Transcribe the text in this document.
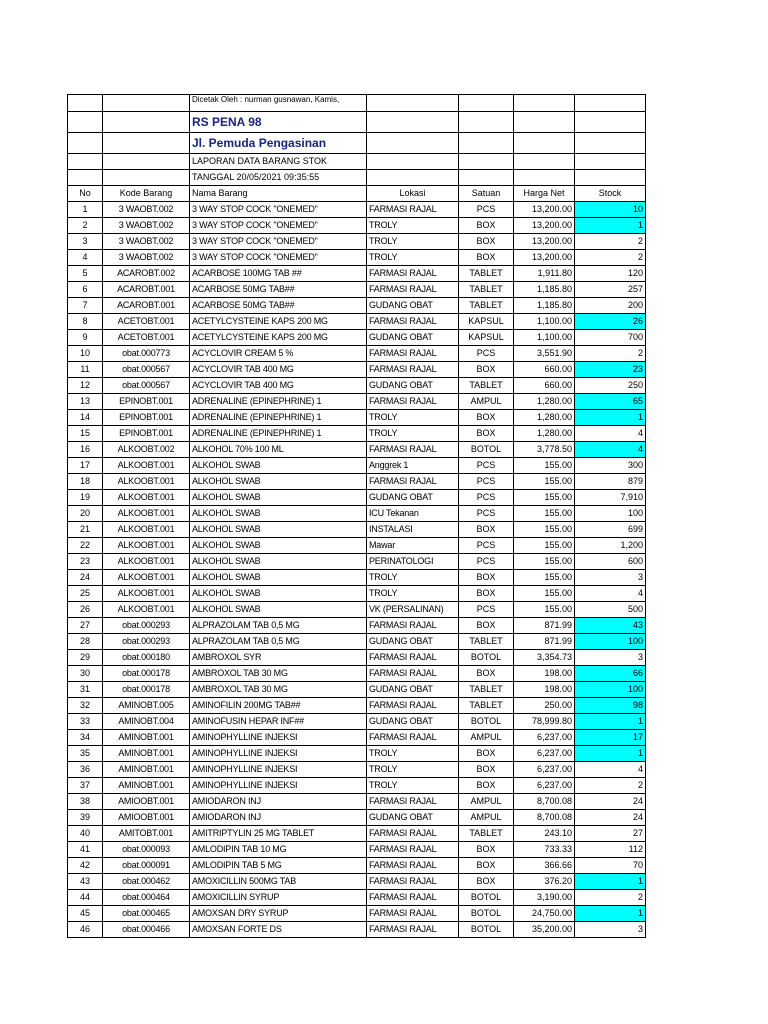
		Dicetak Oleh : nurman gusnawan, Kamis,				
		RS PENA 98				
		Jl. Pemuda Pengasinan				
		LAPORAN DATA BARANG STOK				
		TANGGAL 20/05/2021 09:35:55				
No	Kode Barang	Nama Barang	Lokasi	Satuan	Harga Net	Stock
1	3 WAOBT.002	3 WAY STOP COCK "ONEMED"	FARMASI RAJAL	PCS	13,200.00	10
2	3 WAOBT.002	3 WAY STOP COCK "ONEMED"	TROLY	BOX	13,200.00	1
3	3 WAOBT.002	3 WAY STOP COCK "ONEMED"	TROLY	BOX	13,200.00	2
4	3 WAOBT.002	3 WAY STOP COCK "ONEMED"	TROLY	BOX	13,200.00	2
5	ACAROBT.002	ACARBOSE 100MG TAB ##	FARMASI RAJAL	TABLET	1,911.80	120
6	ACAROBT.001	ACARBOSE 50MG TAB##	FARMASI RAJAL	TABLET	1,185.80	257
7	ACAROBT.001	ACARBOSE 50MG TAB##	GUDANG OBAT	TABLET	1,185.80	200
8	ACETOBT.001	ACETYLCYSTEINE KAPS 200 MG	FARMASI RAJAL	KAPSUL	1,100.00	26
9	ACETOBT.001	ACETYLCYSTEINE KAPS 200 MG	GUDANG OBAT	KAPSUL	1,100.00	700
10	obat.000773	ACYCLOVIR CREAM 5 %	FARMASI RAJAL	PCS	3,551.90	2
11	obat.000567	ACYCLOVIR TAB 400 MG	FARMASI RAJAL	BOX	660.00	23
12	obat.000567	ACYCLOVIR TAB 400 MG	GUDANG OBAT	TABLET	660.00	250
13	EPINOBT.001	ADRENALINE (EPINEPHRINE) 1	FARMASI RAJAL	AMPUL	1,280.00	65
14	EPINOBT.001	ADRENALINE (EPINEPHRINE) 1	TROLY	BOX	1,280.00	1
15	EPINOBT.001	ADRENALINE (EPINEPHRINE) 1	TROLY	BOX	1,280.00	4
16	ALKOOBT.002	ALKOHOL 70% 100 ML	FARMASI RAJAL	BOTOL	3,778.50	4
17	ALKOOBT.001	ALKOHOL SWAB	Anggrek 1	PCS	155.00	300
18	ALKOOBT.001	ALKOHOL SWAB	FARMASI RAJAL	PCS	155.00	879
19	ALKOOBT.001	ALKOHOL SWAB	GUDANG OBAT	PCS	155.00	7,910
20	ALKOOBT.001	ALKOHOL SWAB	ICU Tekanan	PCS	155.00	100
21	ALKOOBT.001	ALKOHOL SWAB	INSTALASI	BOX	155.00	699
22	ALKOOBT.001	ALKOHOL SWAB	Mawar	PCS	155.00	1,200
23	ALKOOBT.001	ALKOHOL SWAB	PERINATOLOGI	PCS	155.00	600
24	ALKOOBT.001	ALKOHOL SWAB	TROLY	BOX	155.00	3
25	ALKOOBT.001	ALKOHOL SWAB	TROLY	BOX	155.00	4
26	ALKOOBT.001	ALKOHOL SWAB	VK (PERSALINAN)	PCS	155.00	500
27	obat.000293	ALPRAZOLAM TAB 0,5 MG	FARMASI RAJAL	BOX	871.99	43
28	obat.000293	ALPRAZOLAM TAB 0,5 MG	GUDANG OBAT	TABLET	871.99	100
29	obat.000180	AMBROXOL SYR	FARMASI RAJAL	BOTOL	3,354.73	3
30	obat.000178	AMBROXOL TAB 30 MG	FARMASI RAJAL	BOX	198.00	66
31	obat.000178	AMBROXOL TAB 30 MG	GUDANG OBAT	TABLET	198.00	100
32	AMINOBT.005	AMINOFILIN 200MG TAB##	FARMASI RAJAL	TABLET	250.00	98
33	AMINOBT.004	AMINOFUSIN HEPAR INF##	GUDANG OBAT	BOTOL	78,999.80	1
34	AMINOBT.001	AMINOPHYLLINE INJEKSI	FARMASI RAJAL	AMPUL	6,237.00	17
35	AMINOBT.001	AMINOPHYLLINE INJEKSI	TROLY	BOX	6,237.00	1
36	AMINOBT.001	AMINOPHYLLINE INJEKSI	TROLY	BOX	6,237.00	4
37	AMINOBT.001	AMINOPHYLLINE INJEKSI	TROLY	BOX	6,237.00	2
38	AMIOOBT.001	AMIODARON INJ	FARMASI RAJAL	AMPUL	8,700.08	24
39	AMIOOBT.001	AMIODARON INJ	GUDANG OBAT	AMPUL	8,700.08	24
40	AMITOBT.001	AMITRIPTYLIN 25 MG TABLET	FARMASI RAJAL	TABLET	243.10	27
41	obat.000093	AMLODIPIN TAB 10 MG	FARMASI RAJAL	BOX	733.33	112
42	obat.000091	AMLODIPIN TAB 5 MG	FARMASI RAJAL	BOX	366.66	70
43	obat.000462	AMOXICILLIN 500MG TAB	FARMASI RAJAL	BOX	376.20	1
44	obat.000464	AMOXICILLIN SYRUP	FARMASI RAJAL	BOTOL	3,190.00	2
45	obat.000465	AMOXSAN DRY SYRUP	FARMASI RAJAL	BOTOL	24,750.00	1
46	obat.000466	AMOXSAN FORTE DS	FARMASI RAJAL	BOTOL	35,200.00	3
